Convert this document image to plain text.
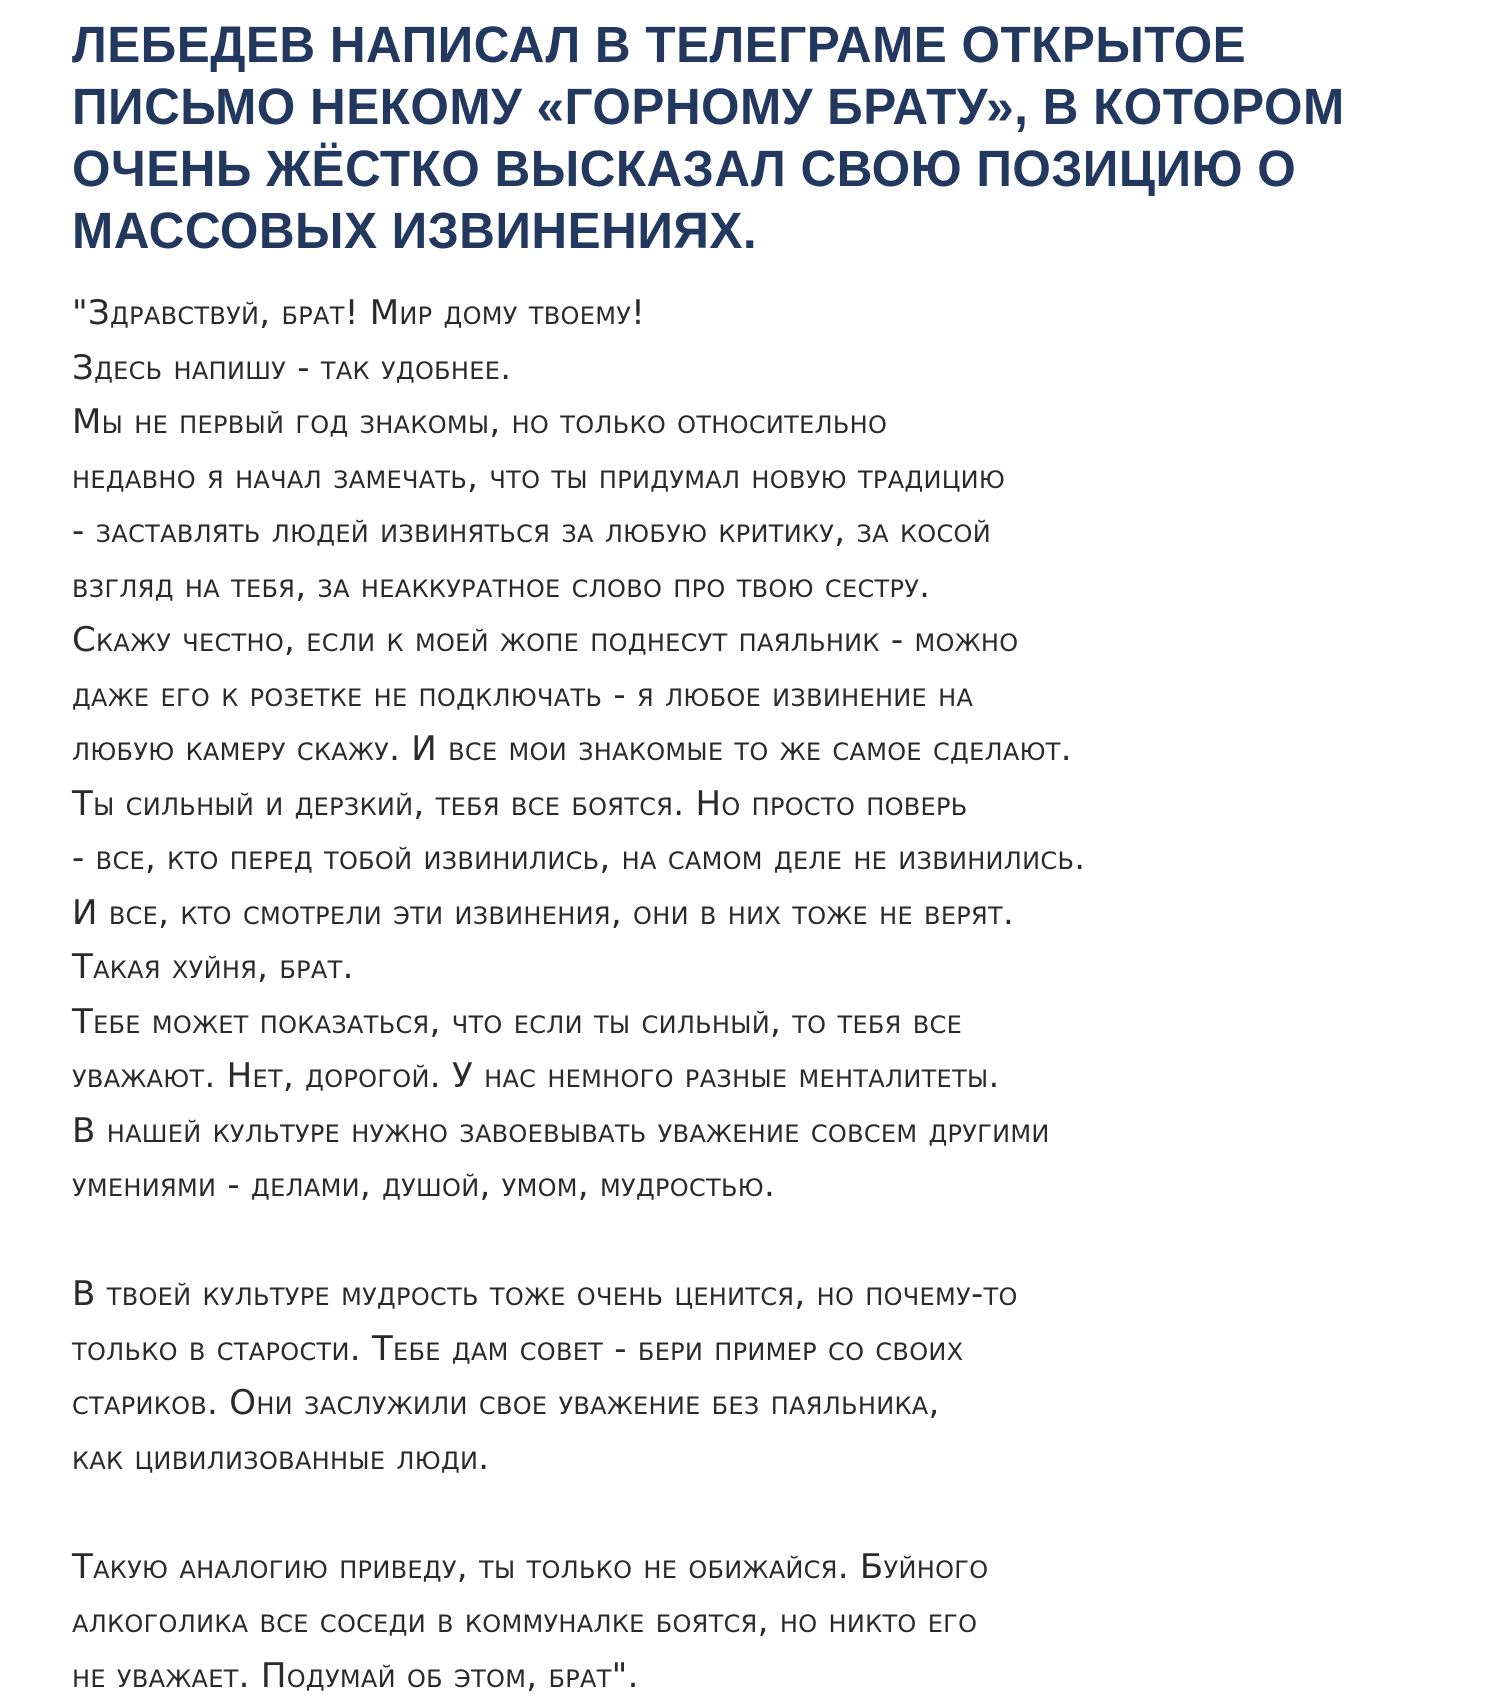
ЛЕБЕДЕВ НАПИСАЛ В ТЕЛЕГРАМЕ ОТКРЫТОЕ
ПИСЬМО НЕКОМУ «ГОРНОМУ БРАТУ», В КОТОРОМ
ОЧЕНЬ ЖЁСТКО ВЫСКАЗАЛ СВОЮ ПОЗИЦИЮ О
МАССОВЫХ ИЗВИНЕНИЯХ.

"Здравствуй, брат! Мир дому твоему!
Здесь напишу - так удобнее.
Мы не первый год знакомы, но только относительно
недавно я начал замечать, что ты придумал новую традицию
- заставлять людей извиняться за любую критику, за косой
взгляд на тебя, за неаккуратное слово про твою сестру.
Скажу честно, если к моей жопе поднесут паяльник - можно
даже его к розетке не подключать - я любое извинение на
любую камеру скажу. И все мои знакомые то же самое сделают.
Ты сильный и дерзкий, тебя все боятся. Но просто поверь
- все, кто перед тобой извинились, на самом деле не извинились.
И все, кто смотрели эти извинения, они в них тоже не верят.
Такая хуйня, брат.
Тебе может показаться, что если ты сильный, то тебя все
уважают. Нет, дорогой. У нас немного разные менталитеты.
В нашей культуре нужно завоевывать уважение совсем другими
умениями - делами, душой, умом, мудростью.

В твоей культуре мудрость тоже очень ценится, но почему-то
только в старости. Тебе дам совет - бери пример со своих
стариков. Они заслужили свое уважение без паяльника,
как цивилизованные люди.

Такую аналогию приведу, ты только не обижайся. Буйного
алкоголика все соседи в коммуналке боятся, но никто его
не уважает. Подумай об этом, брат".
